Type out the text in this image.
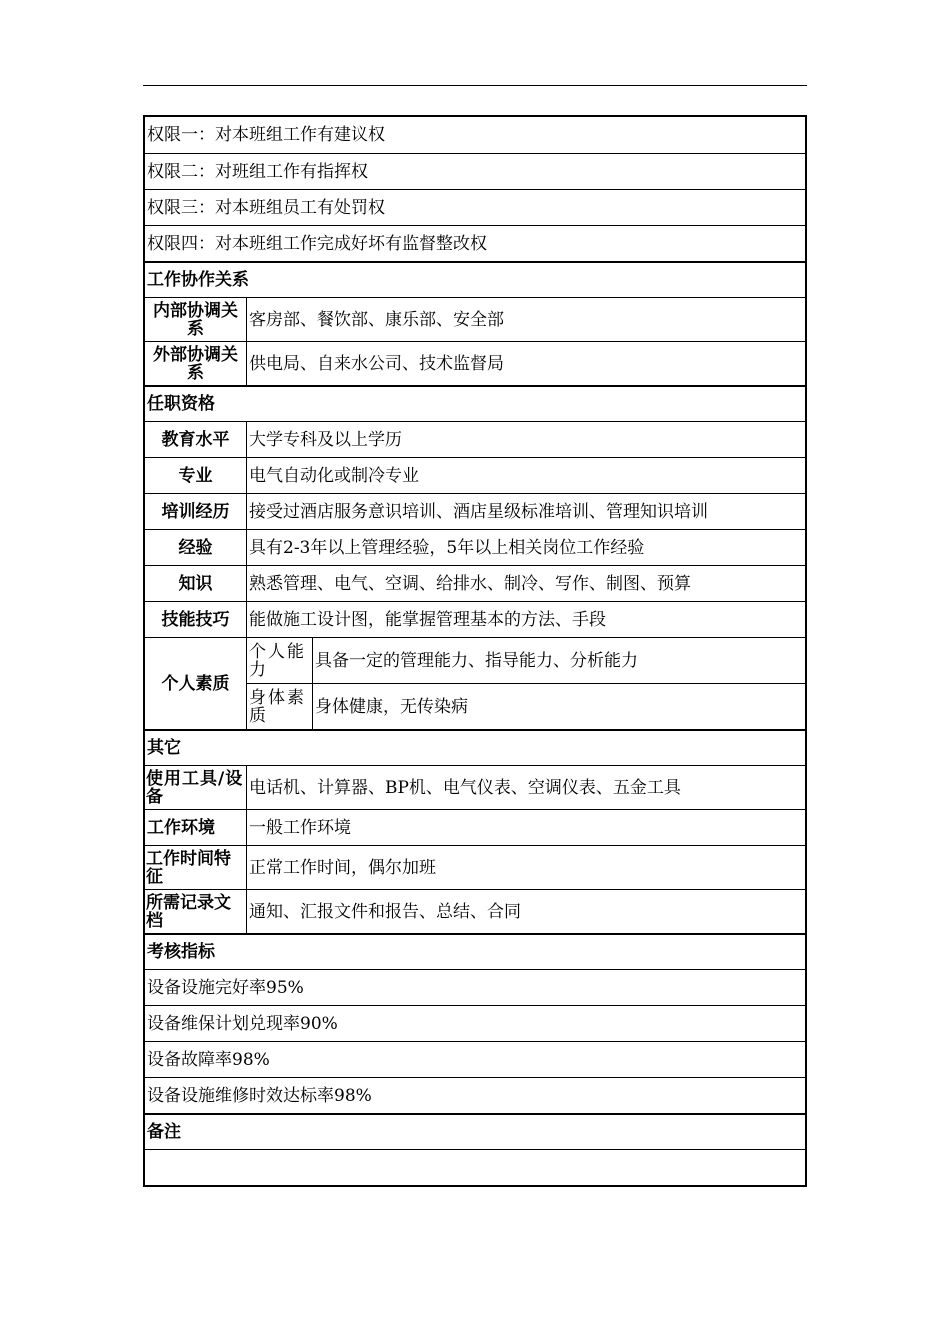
权限一：对本班组工作有建议权
权限二：对班组工作有指挥权
权限三：对本班组员工有处罚权
权限四：对本班组工作完成好坏有监督整改权
工作协作关系
内部协调关系	客房部、餐饮部、康乐部、安全部
外部协调关系	供电局、自来水公司、技术监督局
任职资格
教育水平	大学专科及以上学历
专业	电气自动化或制冷专业
培训经历	接受过酒店服务意识培训、酒店星级标准培训、管理知识培训
经验	具有2-3年以上管理经验，5年以上相关岗位工作经验
知识	熟悉管理、电气、空调、给排水、制冷、写作、制图、预算
技能技巧	能做施工设计图，能掌握管理基本的方法、手段
个人素质
个人能力	具备一定的管理能力、指导能力、分析能力
身体素质	身体健康，无传染病
其它
使用工具/设备	电话机、计算器、BP机、电气仪表、空调仪表、五金工具
工作环境	一般工作环境
工作时间特征	正常工作时间，偶尔加班
所需记录文档	通知、汇报文件和报告、总结、合同
考核指标
设备设施完好率95%
设备维保计划兑现率90%
设备故障率98%
设备设施维修时效达标率98%
备注
